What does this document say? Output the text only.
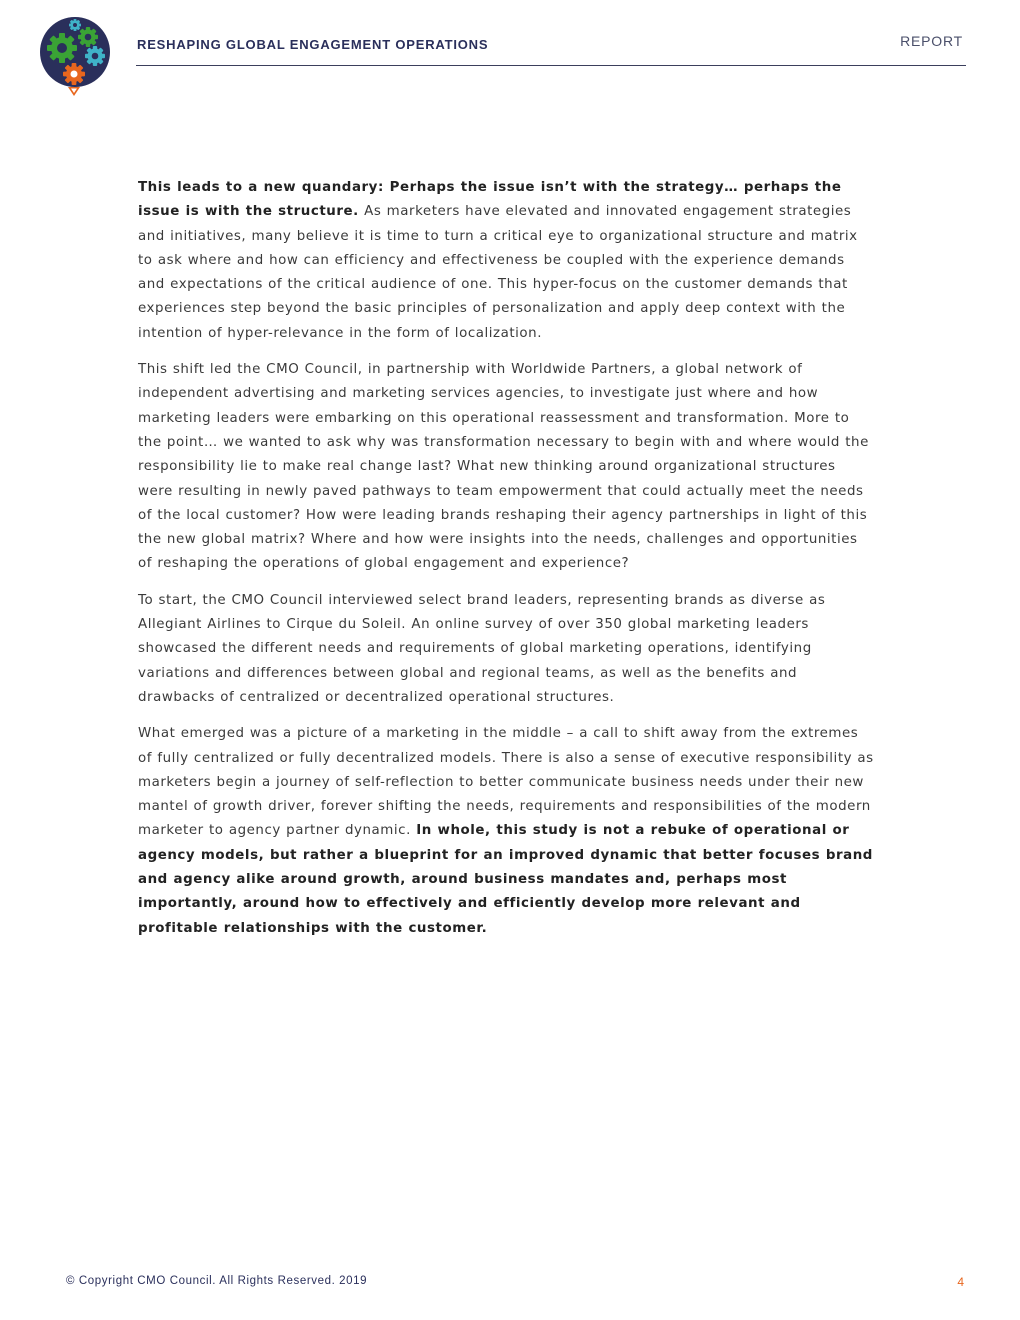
RESHAPING GLOBAL ENGAGEMENT OPERATIONS	REPORT

This leads to a new quandary: Perhaps the issue isn’t with the strategy… perhaps the issue is with the structure. As marketers have elevated and innovated engagement strategies and initiatives, many believe it is time to turn a critical eye to organizational structure and matrix to ask where and how can efficiency and effectiveness be coupled with the experience demands and expectations of the critical audience of one. This hyper-focus on the customer demands that experiences step beyond the basic principles of personalization and apply deep context with the intention of hyper-relevance in the form of localization.

This shift led the CMO Council, in partnership with Worldwide Partners, a global network of independent advertising and marketing services agencies, to investigate just where and how marketing leaders were embarking on this operational reassessment and transformation. More to the point… we wanted to ask why was transformation necessary to begin with and where would the responsibility lie to make real change last? What new thinking around organizational structures were resulting in newly paved pathways to team empowerment that could actually meet the needs of the local customer? How were leading brands reshaping their agency partnerships in light of this the new global matrix? Where and how were insights into the needs, challenges and opportunities of reshaping the operations of global engagement and experience?

To start, the CMO Council interviewed select brand leaders, representing brands as diverse as Allegiant Airlines to Cirque du Soleil. An online survey of over 350 global marketing leaders showcased the different needs and requirements of global marketing operations, identifying variations and differences between global and regional teams, as well as the benefits and drawbacks of centralized or decentralized operational structures.

What emerged was a picture of a marketing in the middle – a call to shift away from the extremes of fully centralized or fully decentralized models. There is also a sense of executive responsibility as marketers begin a journey of self-reflection to better communicate business needs under their new mantel of growth driver, forever shifting the needs, requirements and responsibilities of the modern marketer to agency partner dynamic. In whole, this study is not a rebuke of operational or agency models, but rather a blueprint for an improved dynamic that better focuses brand and agency alike around growth, around business mandates and, perhaps most importantly, around how to effectively and efficiently develop more relevant and profitable relationships with the customer.

© Copyright CMO Council. All Rights Reserved. 2019	4
